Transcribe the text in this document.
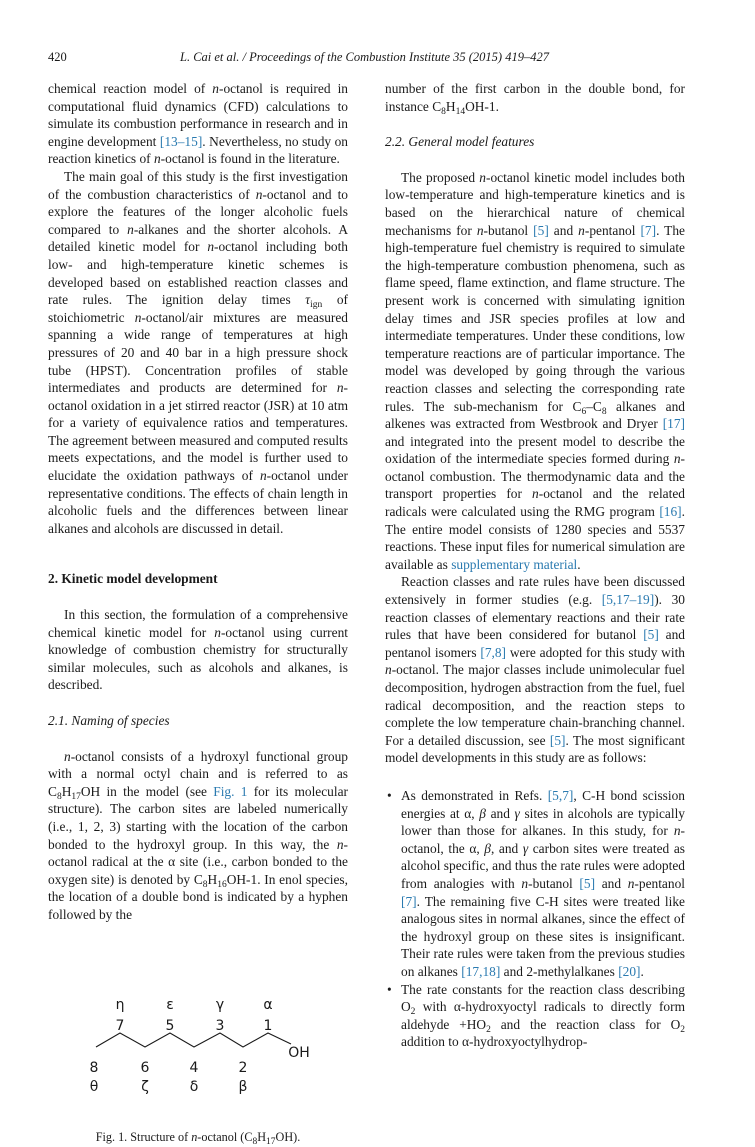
420	L. Cai et al. / Proceedings of the Combustion Institute 35 (2015) 419–427

chemical reaction model of n-octanol is required in computational fluid dynamics (CFD) calculations to simulate its combustion performance in research and in engine development [13–15]. Nevertheless, no study on reaction kinetics of n-octanol is found in the literature.

The main goal of this study is the first investigation of the combustion characteristics of n-octanol and to explore the features of the longer alcoholic fuels compared to n-alkanes and the shorter alcohols. A detailed kinetic model for n-octanol including both low- and high-temperature kinetic schemes is developed based on established reaction classes and rate rules. The ignition delay times $\tau_{ign}$ of stoichiometric n-octanol/air mixtures are measured spanning a wide range of temperatures at high pressures of 20 and 40 bar in a high pressure shock tube (HPST). Concentration profiles of stable intermediates and products are determined for n-octanol oxidation in a jet stirred reactor (JSR) at 10 atm for a variety of equivalence ratios and temperatures. The agreement between measured and computed results meets expectations, and the model is further used to elucidate the oxidation pathways of n-octanol under representative conditions. The effects of chain length in alcoholic fuels and the differences between linear alkanes and alcohols are discussed in detail.

2. Kinetic model development

In this section, the formulation of a comprehensive chemical kinetic model for n-octanol using current knowledge of combustion chemistry for structurally similar molecules, such as alcohols and alkanes, is described.

2.1. Naming of species

n-octanol consists of a hydroxyl functional group with a normal octyl chain and is referred to as $C_8H_{17}OH$ in the model (see Fig. 1 for its molecular structure). The carbon sites are labeled numerically (i.e., 1, 2, 3) starting with the location of the carbon bonded to the hydroxyl group. In this way, the n-octanol radical at the α site (i.e., carbon bonded to the oxygen site) is denoted by $C_8H_{16}OH-1$. In enol species, the location of a double bond is indicated by a hyphen followed by the

η	ε	γ	α
7	5	3	1
8	6	4	2
θ	ζ	δ	β
OH

Fig. 1. Structure of n-octanol $(C_8H_{17}OH)$.

number of the first carbon in the double bond, for instance $C_8H_{14}OH-1$.

2.2. General model features

The proposed n-octanol kinetic model includes both low-temperature and high-temperature kinetics and is based on the hierarchical nature of chemical mechanisms for n-butanol [5] and n-pentanol [7]. The high-temperature fuel chemistry is required to simulate the high-temperature combustion phenomena, such as flame speed, flame extinction, and flame structure. The present work is concerned with simulating ignition delay times and JSR species profiles at low and intermediate temperatures. Under these conditions, low temperature reactions are of particular importance. The model was developed by going through the various reaction classes and selecting the corresponding rate rules. The sub-mechanism for $C_6-C_8$ alkanes and alkenes was extracted from Westbrook and Dryer [17] and integrated into the present model to describe the oxidation of the intermediate species formed during n-octanol combustion. The thermodynamic data and the transport properties for n-octanol and the related radicals were calculated using the RMG program [16]. The entire model consists of 1280 species and 5537 reactions. These input files for numerical simulation are available as supplementary material.

Reaction classes and rate rules have been discussed extensively in former studies (e.g. [5,17–19]). 30 reaction classes of elementary reactions and their rate rules that have been considered for butanol [5] and pentanol isomers [7,8] were adopted for this study with n-octanol. The major classes include unimolecular fuel decomposition, hydrogen abstraction from the fuel, fuel radical decomposition, and the reaction steps to complete the low temperature chain-branching channel. For a detailed discussion, see [5]. The most significant model developments in this study are as follows:

• As demonstrated in Refs. [5,7], C-H bond scission energies at α, β and γ sites in alcohols are typically lower than those for alkanes. In this study, for n-octanol, the α, β, and γ carbon sites were treated as alcohol specific, and thus the rate rules were adopted from analogies with n-butanol [5] and n-pentanol [7]. The remaining five C-H sites were treated like analogous sites in normal alkanes, since the effect of the hydroxyl group on these sites is insignificant. Their rate rules were taken from the previous studies on alkanes [17,18] and 2-methylalkanes [20].
• The rate constants for the reaction class describing $O_2$ with α-hydroxyoctyl radicals to directly form aldehyde $+HO_2$ and the reaction class for $O_2$ addition to α-hydroxyoctylhydrop-
